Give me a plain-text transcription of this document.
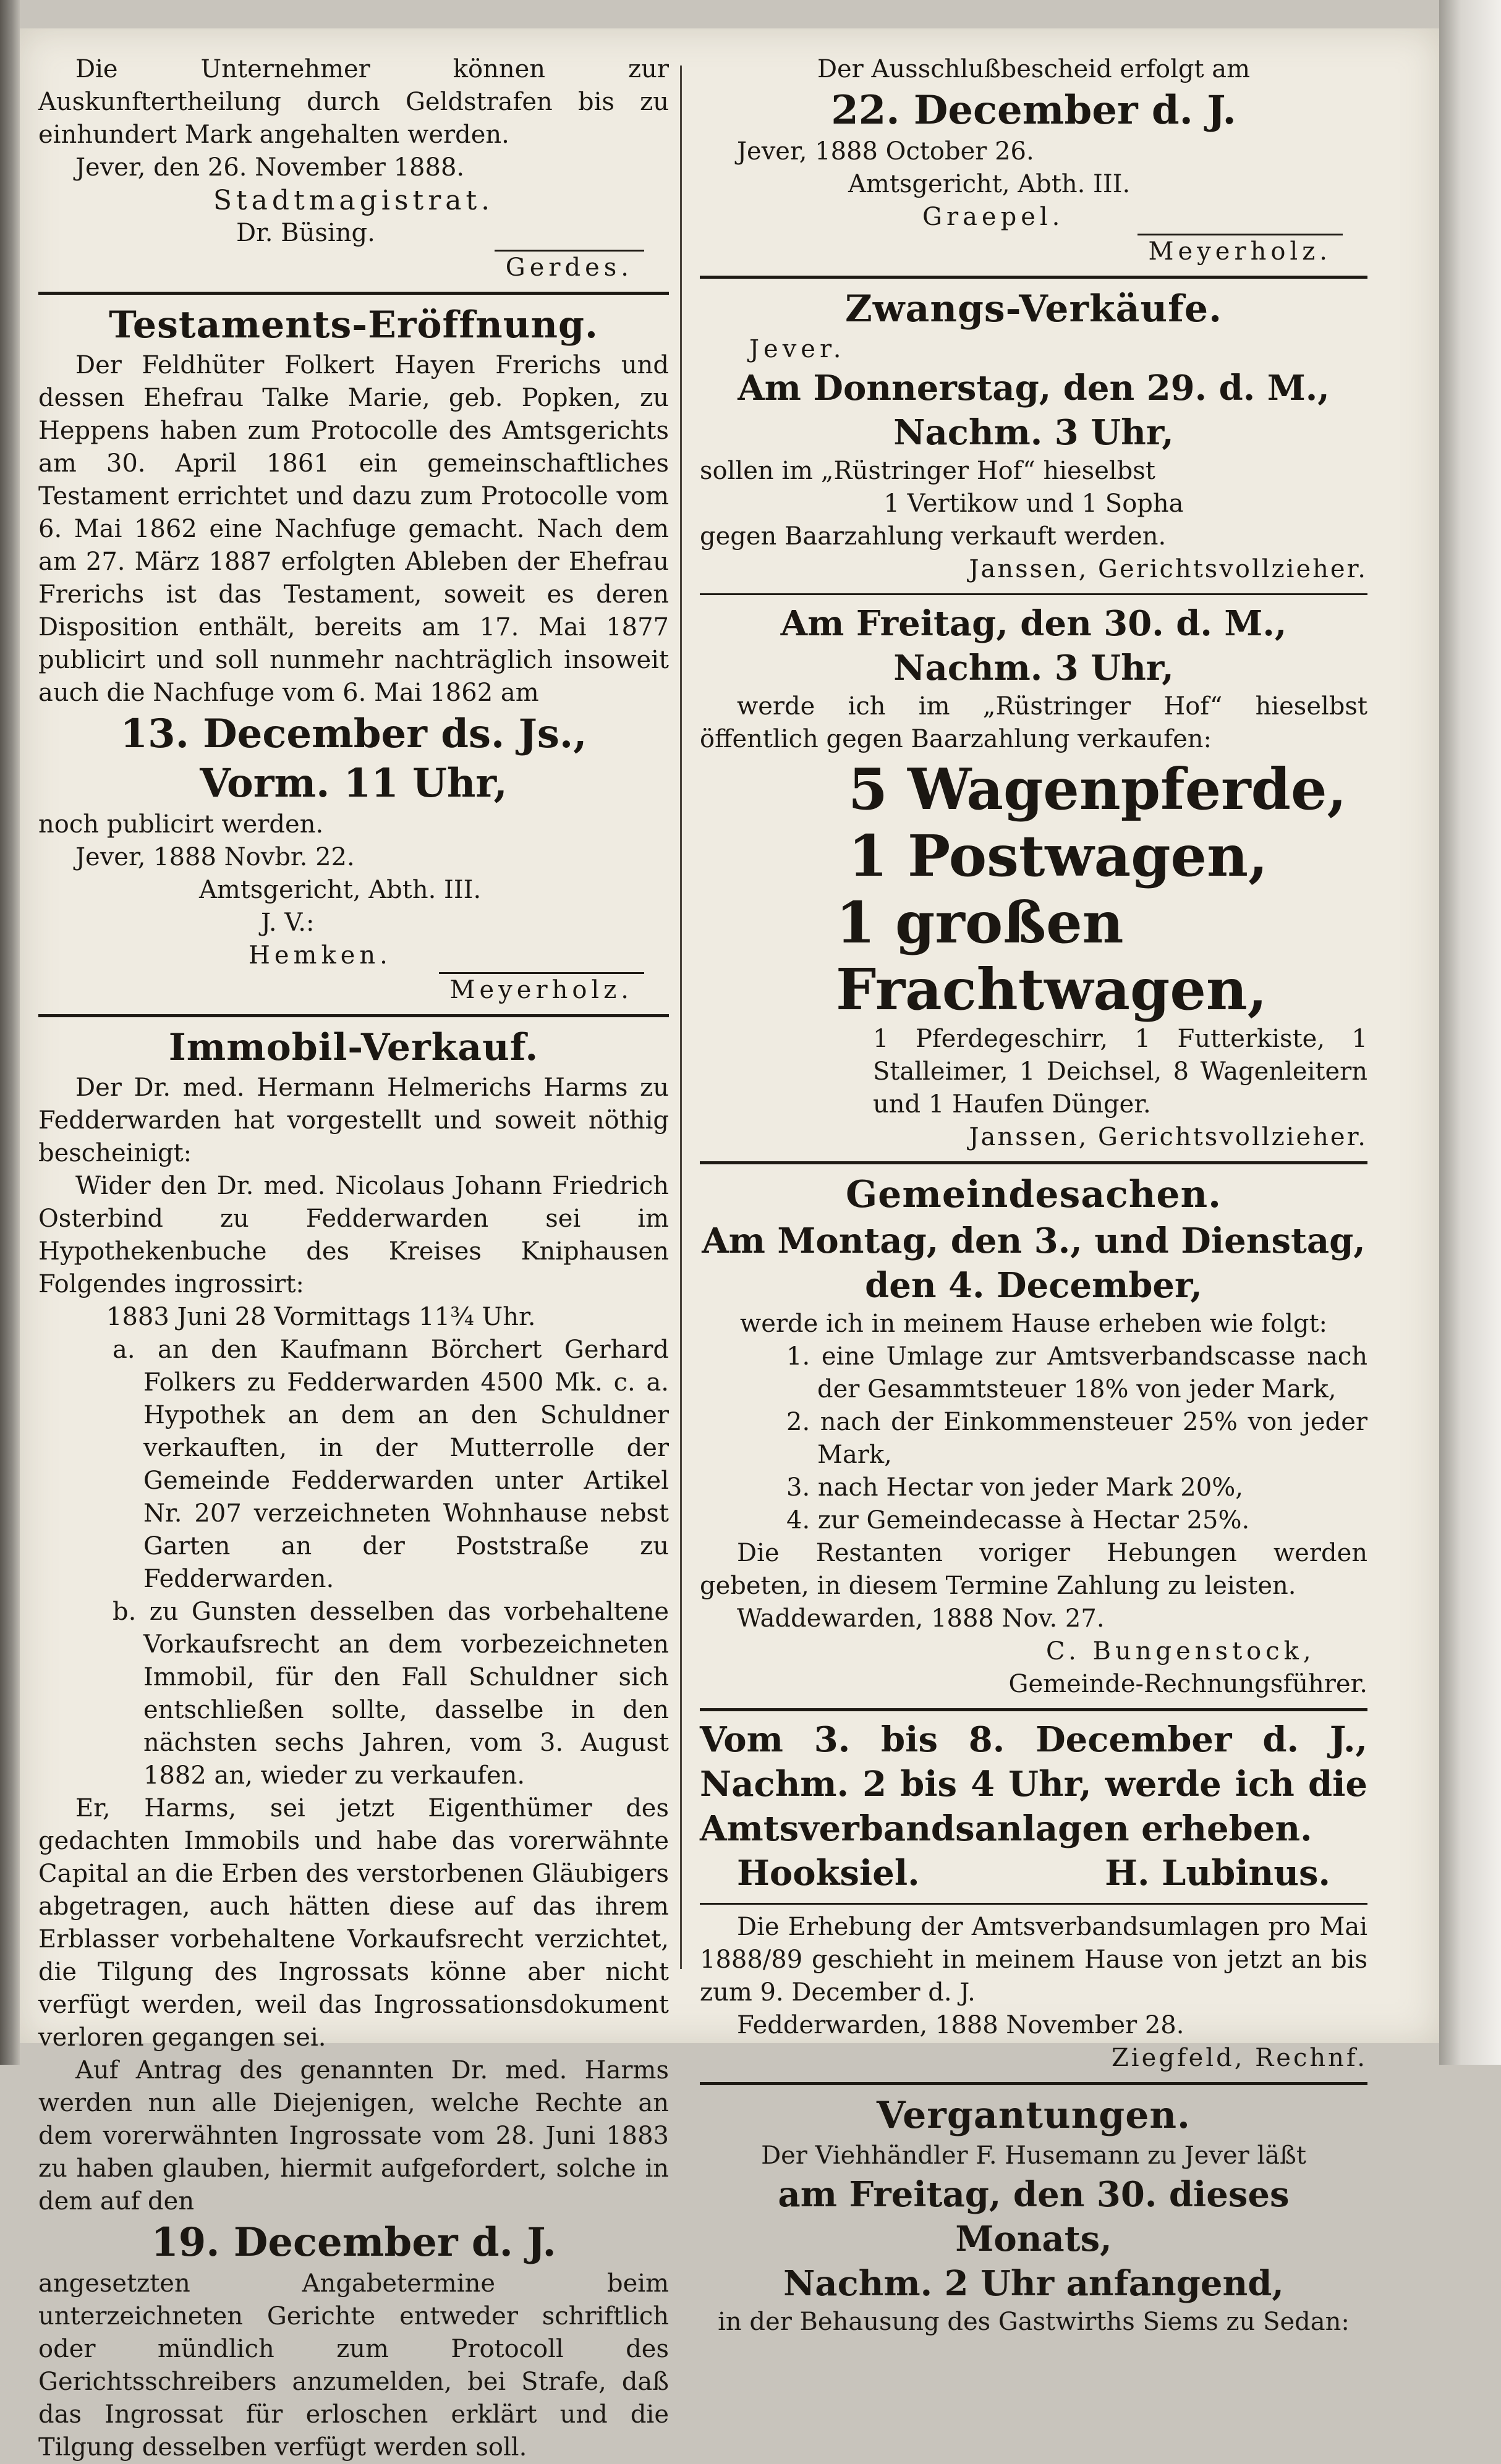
Die Unternehmer können zur Auskunftertheilung durch Geldstrafen bis zu einhundert Mark angehalten werden.

Jever, den 26. November 1888.

Stadtmagistrat.

Dr. Büsing.

Gerdes.

Testaments-Eröffnung.

Der Feldhüter Folkert Hayen Frerichs und dessen Ehefrau Talke Marie, geb. Popken, zu Heppens haben zum Protocolle des Amtsgerichts am 30. April 1861 ein gemeinschaftliches Testament errichtet und dazu zum Protocolle vom 6. Mai 1862 eine Nachfuge gemacht. Nach dem am 27. März 1887 erfolgten Ableben der Ehefrau Frerichs ist das Testament, soweit es deren Disposition enthält, bereits am 17. Mai 1877 publicirt und soll nunmehr nachträglich insoweit auch die Nachfuge vom 6. Mai 1862 am

13. December ds. Js.,

Vorm. 11 Uhr,

noch publicirt werden.

Jever, 1888 Novbr. 22.

Amtsgericht, Abth. III.

J. V.:

Hemken.

Meyerholz.

Immobil-Verkauf.

Der Dr. med. Hermann Helmerichs Harms zu Fedderwarden hat vorgestellt und soweit nöthig bescheinigt:

Wider den Dr. med. Nicolaus Johann Friedrich Osterbind zu Fedderwarden sei im Hypothekenbuche des Kreises Kniphausen Folgendes ingrossirt:

1883 Juni 28 Vormittags 11¾ Uhr.

a. an den Kaufmann Börchert Gerhard Folkers zu Fedderwarden 4500 Mk. c. a. Hypothek an dem an den Schuldner verkauften, in der Mutterrolle der Gemeinde Fedderwarden unter Artikel Nr. 207 verzeichneten Wohnhause nebst Garten an der Poststraße zu Fedderwarden.

b. zu Gunsten desselben das vorbehaltene Vorkaufsrecht an dem vorbezeichneten Immobil, für den Fall Schuldner sich entschließen sollte, dasselbe in den nächsten sechs Jahren, vom 3. August 1882 an, wieder zu verkaufen.

Er, Harms, sei jetzt Eigenthümer des gedachten Immobils und habe das vorerwähnte Capital an die Erben des verstorbenen Gläubigers abgetragen, auch hätten diese auf das ihrem Erblasser vorbehaltene Vorkaufsrecht verzichtet, die Tilgung des Ingrossats könne aber nicht verfügt werden, weil das Ingrossationsdokument verloren gegangen sei.

Auf Antrag des genannten Dr. med. Harms werden nun alle Diejenigen, welche Rechte an dem vorerwähnten Ingrossate vom 28. Juni 1883 zu haben glauben, hiermit aufgefordert, solche in dem auf den

19. December d. J.

angesetzten Angabetermine beim unterzeichneten Gerichte entweder schriftlich oder mündlich zum Protocoll des Gerichtsschreibers anzumelden, bei Strafe, daß das Ingrossat für erloschen erklärt und die Tilgung desselben verfügt werden soll.

Der Ausschlußbescheid erfolgt am

22. December d. J.

Jever, 1888 October 26.

Amtsgericht, Abth. III.

Graepel.

Meyerholz.

Zwangs-Verkäufe.

Jever.

Am Donnerstag, den 29. d. M.,

Nachm. 3 Uhr,

sollen im „Rüstringer Hof“ hieselbst

1 Vertikow und 1 Sopha

gegen Baarzahlung verkauft werden.

Janssen, Gerichtsvollzieher.

Am Freitag, den 30. d. M.,

Nachm. 3 Uhr,

werde ich im „Rüstringer Hof“ hieselbst öffentlich gegen Baarzahlung verkaufen:

5 Wagenpferde,

1 Postwagen,

1 großen Frachtwagen,

1 Pferdegeschirr, 1 Futterkiste, 1 Stalleimer, 1 Deichsel, 8 Wagenleitern und 1 Haufen Dünger.

Janssen, Gerichtsvollzieher.

Gemeindesachen.

Am Montag, den 3., und Dienstag,

den 4. December,

werde ich in meinem Hause erheben wie folgt:

1. eine Umlage zur Amtsverbandscasse nach der Gesammtsteuer 18% von jeder Mark,

2. nach der Einkommensteuer 25% von jeder Mark,

3. nach Hectar von jeder Mark 20%,

4. zur Gemeindecasse à Hectar 25%.

Die Restanten voriger Hebungen werden gebeten, in diesem Termine Zahlung zu leisten.

Waddewarden, 1888 Nov. 27.

C. Bungenstock,

Gemeinde-Rechnungsführer.

Vom 3. bis 8. December d. J.,

Nachm. 2 bis 4 Uhr, werde ich die

Amtsverbandsanlagen erheben.

Hooksiel.	H. Lubinus.

Die Erhebung der Amtsverbandsumlagen pro Mai 1888/89 geschieht in meinem Hause von jetzt an bis zum 9. December d. J.

Fedderwarden, 1888 November 28.

Ziegfeld, Rechnf.

Vergantungen.

Der Viehhändler F. Husemann zu Jever läßt

am Freitag, den 30. dieses Monats,

Nachm. 2 Uhr anfangend,

in der Behausung des Gastwirths Siems zu Sedan:
